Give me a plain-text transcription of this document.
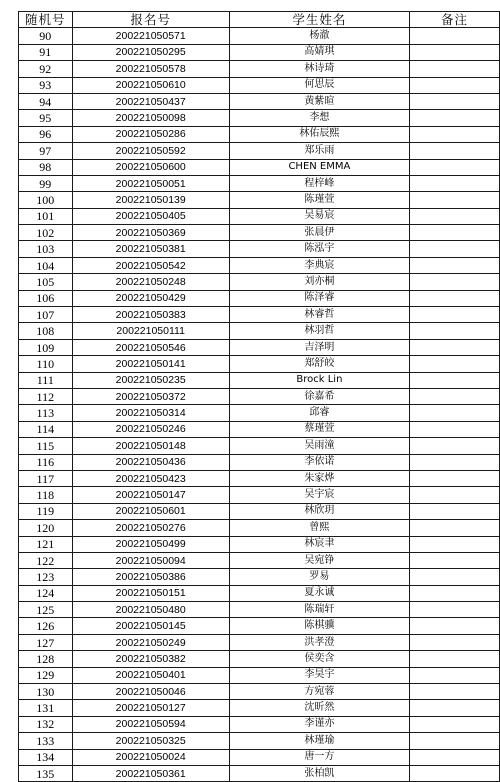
随机号	报名号	学生姓名	备注
90	200221050571	杨澈	
91	200221050295	高婧琪	
92	200221050578	林诗琦	
93	200221050610	何思辰	
94	200221050437	黄紫暄	
95	200221050098	李想	
96	200221050286	林佑辰熙	
97	200221050592	郑乐雨	
98	200221050600	CHEN EMMA	
99	200221050051	程梓峰	
100	200221050139	陈瑾萱	
101	200221050405	吴易宸	
102	200221050369	张晨伊	
103	200221050381	陈泓宇	
104	200221050542	李典宸	
105	200221050248	刘亦桐	
106	200221050429	陈泽睿	
107	200221050383	林睿哲	
108	200221050111	林羽哲	
109	200221050546	吉泽明	
110	200221050141	郑舒皎	
111	200221050235	Brock Lin	
112	200221050372	徐嘉希	
113	200221050314	邱睿	
114	200221050246	蔡瑾萱	
115	200221050148	吴雨潼	
116	200221050436	李依诺	
117	200221050423	朱家烨	
118	200221050147	吴宇宸	
119	200221050601	林欣玥	
120	200221050276	曾熙	
121	200221050499	林宸聿	
122	200221050094	吴宛铮	
123	200221050386	罗易	
124	200221050151	夏永诚	
125	200221050480	陈瑞轩	
126	200221050145	陈棋骥	
127	200221050249	洪孝澄	
128	200221050382	侯奕含	
129	200221050401	李昊宇	
130	200221050046	方宛蓉	
131	200221050127	沈昕然	
132	200221050594	李谨亦	
133	200221050325	林瑾瑜	
134	200221050024	唐一方	
135	200221050361	张柏凯	
